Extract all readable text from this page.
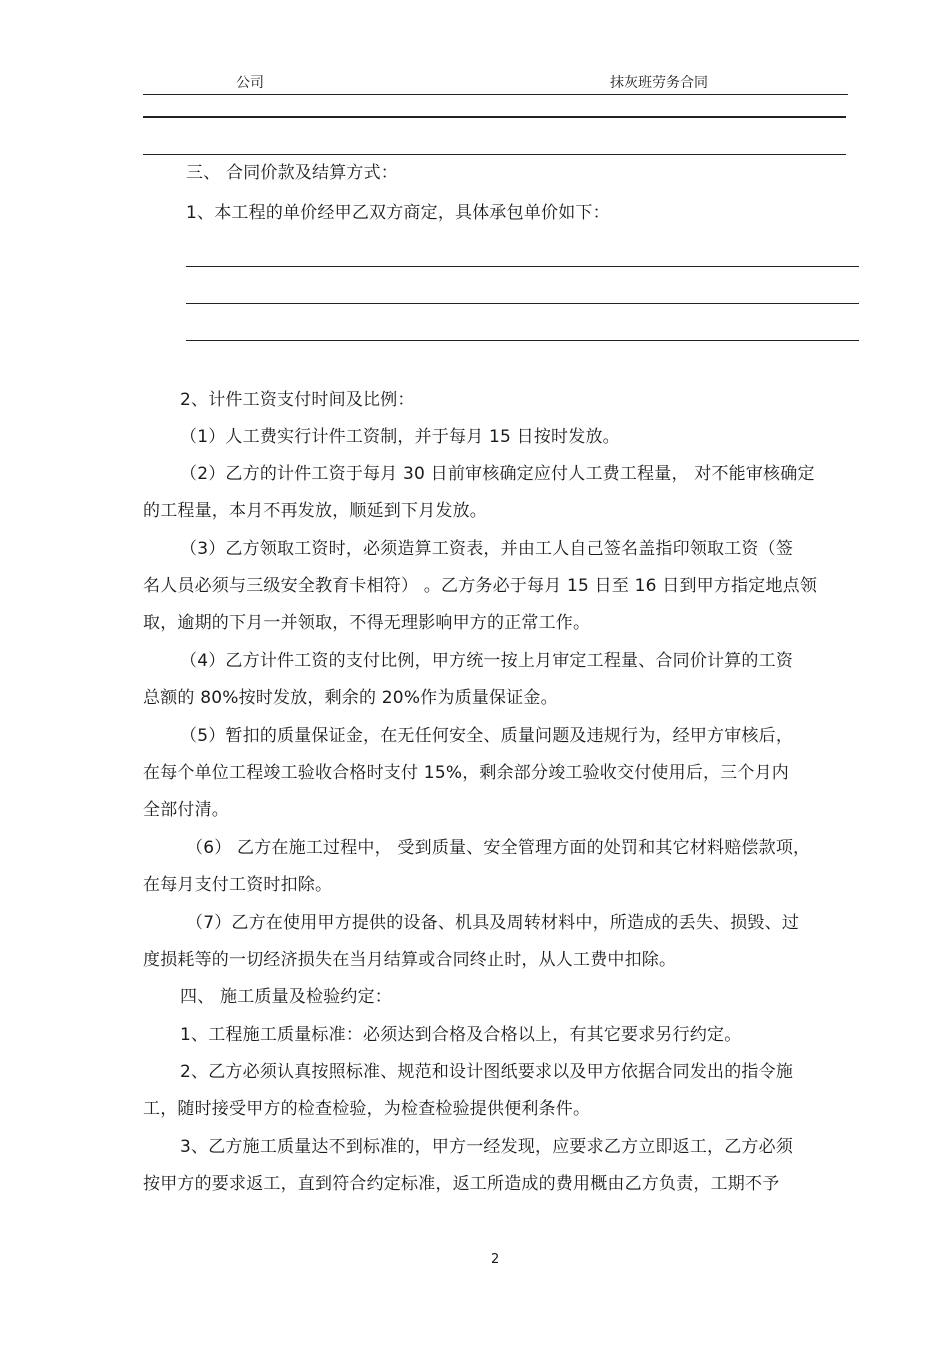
公司	抹灰班劳务合同
三、 合同价款及结算方式：
1、本工程的单价经甲乙双方商定，具体承包单价如下：
2、计件工资支付时间及比例：
（1）人工费实行计件工资制，并于每月 15 日按时发放。
（2）乙方的计件工资于每月 30 日前审核确定应付人工费工程量， 对不能审核确定
的工程量，本月不再发放，顺延到下月发放。
（3）乙方领取工资时，必须造算工资表，并由工人自己签名盖指印领取工资（签
名人员必须与三级安全教育卡相符） 。乙方务必于每月 15 日至 16 日到甲方指定地点领
取，逾期的下月一并领取，不得无理影响甲方的正常工作。
（4）乙方计件工资的支付比例，甲方统一按上月审定工程量、合同价计算的工资
总额的 80%按时发放，剩余的 20%作为质量保证金。
（5）暂扣的质量保证金，在无任何安全、质量问题及违规行为，经甲方审核后，
在每个单位工程竣工验收合格时支付 15%，剩余部分竣工验收交付使用后，三个月内
全部付清。
（6） 乙方在施工过程中， 受到质量、安全管理方面的处罚和其它材料赔偿款项，
在每月支付工资时扣除。
（7）乙方在使用甲方提供的设备、机具及周转材料中，所造成的丢失、损毁、过
度损耗等的一切经济损失在当月结算或合同终止时，从人工费中扣除。
四、 施工质量及检验约定：
1、工程施工质量标准：必须达到合格及合格以上，有其它要求另行约定。
2、乙方必须认真按照标准、规范和设计图纸要求以及甲方依据合同发出的指令施
工，随时接受甲方的检查检验，为检查检验提供便利条件。
3、乙方施工质量达不到标准的，甲方一经发现，应要求乙方立即返工，乙方必须
按甲方的要求返工，直到符合约定标准，返工所造成的费用概由乙方负责，工期不予
2
